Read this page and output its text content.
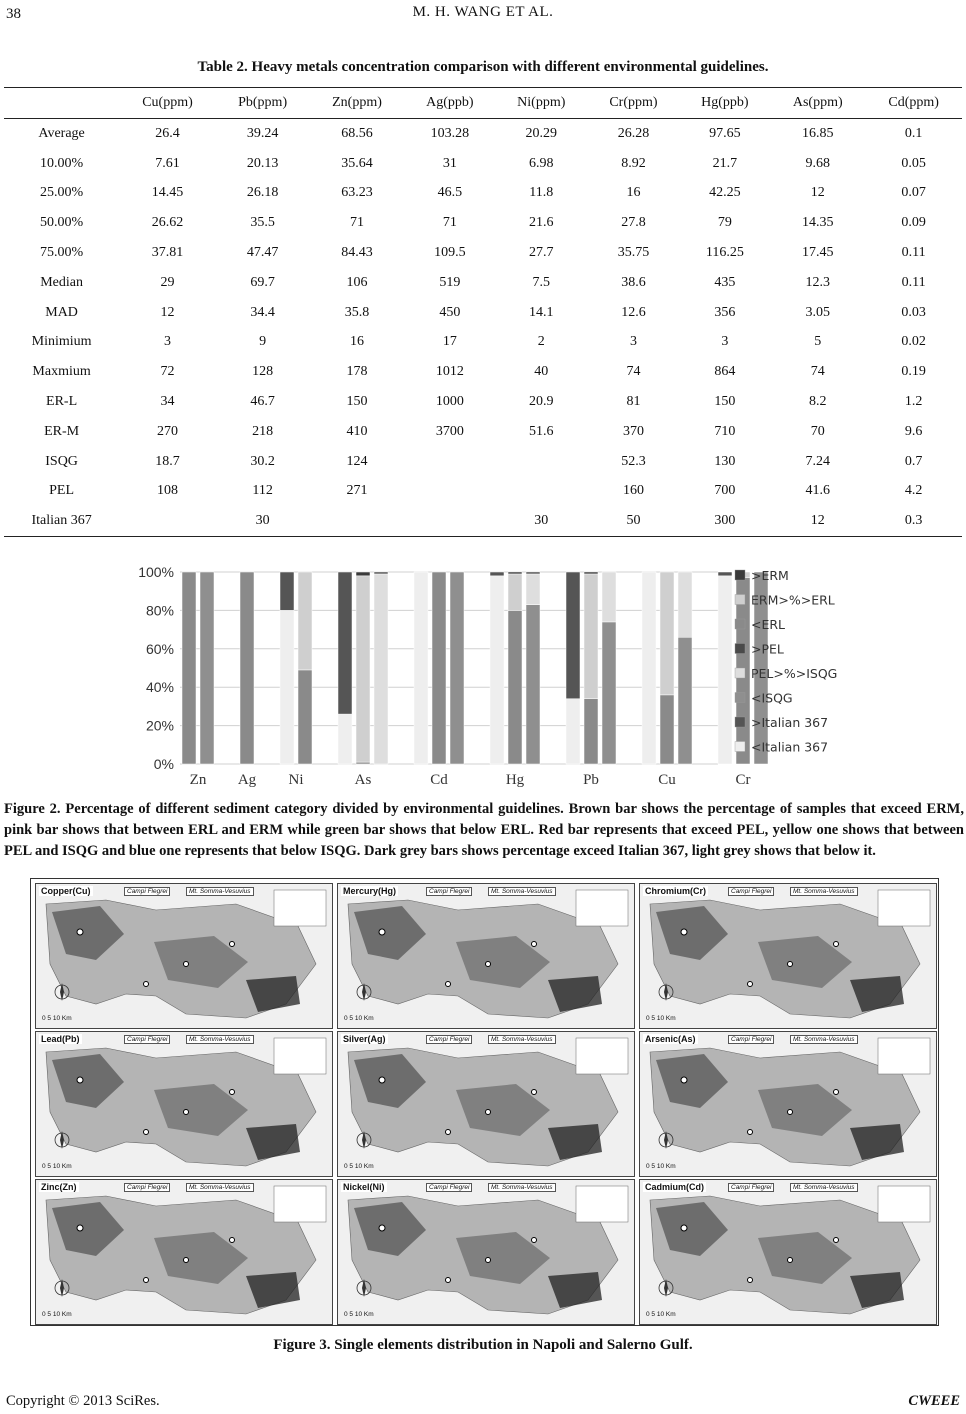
38	M. H. WANG ET AL.
Table 2. Heavy metals concentration comparison with different environmental guidelines.
	Cu(ppm)	Pb(ppm)	Zn(ppm)	Ag(ppb)	Ni(ppm)	Cr(ppm)	Hg(ppb)	As(ppm)	Cd(ppm)
Average	26.4	39.24	68.56	103.28	20.29	26.28	97.65	16.85	0.1
10.00%	7.61	20.13	35.64	31	6.98	8.92	21.7	9.68	0.05
25.00%	14.45	26.18	63.23	46.5	11.8	16	42.25	12	0.07
50.00%	26.62	35.5	71	71	21.6	27.8	79	14.35	0.09
75.00%	37.81	47.47	84.43	109.5	27.7	35.75	116.25	17.45	0.11
Median	29	69.7	106	519	7.5	38.6	435	12.3	0.11
MAD	12	34.4	35.8	450	14.1	12.6	356	3.05	0.03
Minimium	3	9	16	17	2	3	3	5	0.02
Maxmium	72	128	178	1012	40	74	864	74	0.19
ER-L	34	46.7	150	1000	20.9	81	150	8.2	1.2
ER-M	270	218	410	3700	51.6	370	710	70	9.6
ISQG	18.7	30.2	124			52.3	130	7.24	0.7
PEL	108	112	271			160	700	41.6	4.2
Italian 367		30			30	50	300	12	0.3
0%
20%
40%
60%
80%
100%
Zn Ag Ni	As	Cd	Hg	Pb	Cu	Cr
>ERM
ERM>%>ERL
<ERL
>PEL
PEL>%>ISQG
<ISQG
>Italian 367
<Italian 367
Figure 2. Percentage of different sediment category divided by environmental guidelines. Brown bar shows the percentage of samples that exceed ERM, pink bar shows that between ERL and ERM while green bar shows that below ERL. Red bar represents that exceed PEL, yellow one shows that between PEL and ISQG and blue one represents that below ISQG. Dark grey bars shows percentage exceed Italian 367, light grey shows that below it.
Copper(Cu)	Campi Flegrei	Mt. Somma-Vesuvius
0 5 10 Km
Mercury(Hg)	Campi Flegrei	Mt. Somma-Vesuvius
0 5 10 Km
Chromium(Cr)	Campi Flegrei	Mt. Somma-Vesuvius
0 5 10 Km
Lead(Pb)	Campi Flegrei	Mt. Somma-Vesuvius
0 5 10 Km
Silver(Ag)	Campi Flegrei	Mt. Somma-Vesuvius
0 5 10 Km
Arsenic(As)	Campi Flegrei	Mt. Somma-Vesuvius
0 5 10 Km
Zinc(Zn)	Campi Flegrei	Mt. Somma-Vesuvius
0 5 10 Km
Nickel(Ni)	Campi Flegrei	Mt. Somma-Vesuvius
0 5 10 Km
Cadmium(Cd)	Campi Flegrei	Mt. Somma-Vesuvius
0 5 10 Km
Figure 3. Single elements distribution in Napoli and Salerno Gulf.
Copyright © 2013 SciRes.	CWEEE
